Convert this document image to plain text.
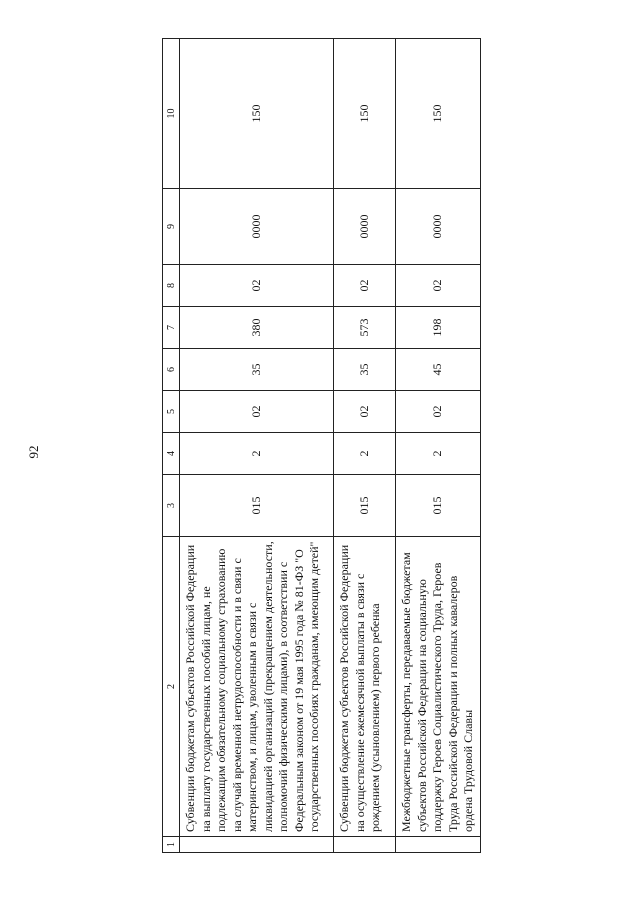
92
1	2	3	4	5	6	7	8	9	10
	Субвенции бюджетам субъектов Российской Федерации на выплату государственных пособий лицам, не подлежащим обязательному социальному страхованию на случай временной нетрудоспособности и в связи с материнством, и лицам, уволенным в связи с ликвидацией организаций (прекращением деятельности, полномочий физическими лицами), в соответствии с Федеральным законом от 19 мая 1995 года № 81-ФЗ "О государственных пособиях гражданам, имеющим детей"	015	2	02	35	380	02	0000	150
	Субвенции бюджетам субъектов Российской Федерации на осуществление ежемесячной выплаты в связи с рождением (усыновлением) первого ребенка	015	2	02	35	573	02	0000	150
	Межбюджетные трансферты, передаваемые бюджетам субъектов Российской Федерации на социальную поддержку Героев Социалистического Труда, Героев Труда Российской Федерации и полных кавалеров ордена Трудовой Славы	015	2	02	45	198	02	0000	150
